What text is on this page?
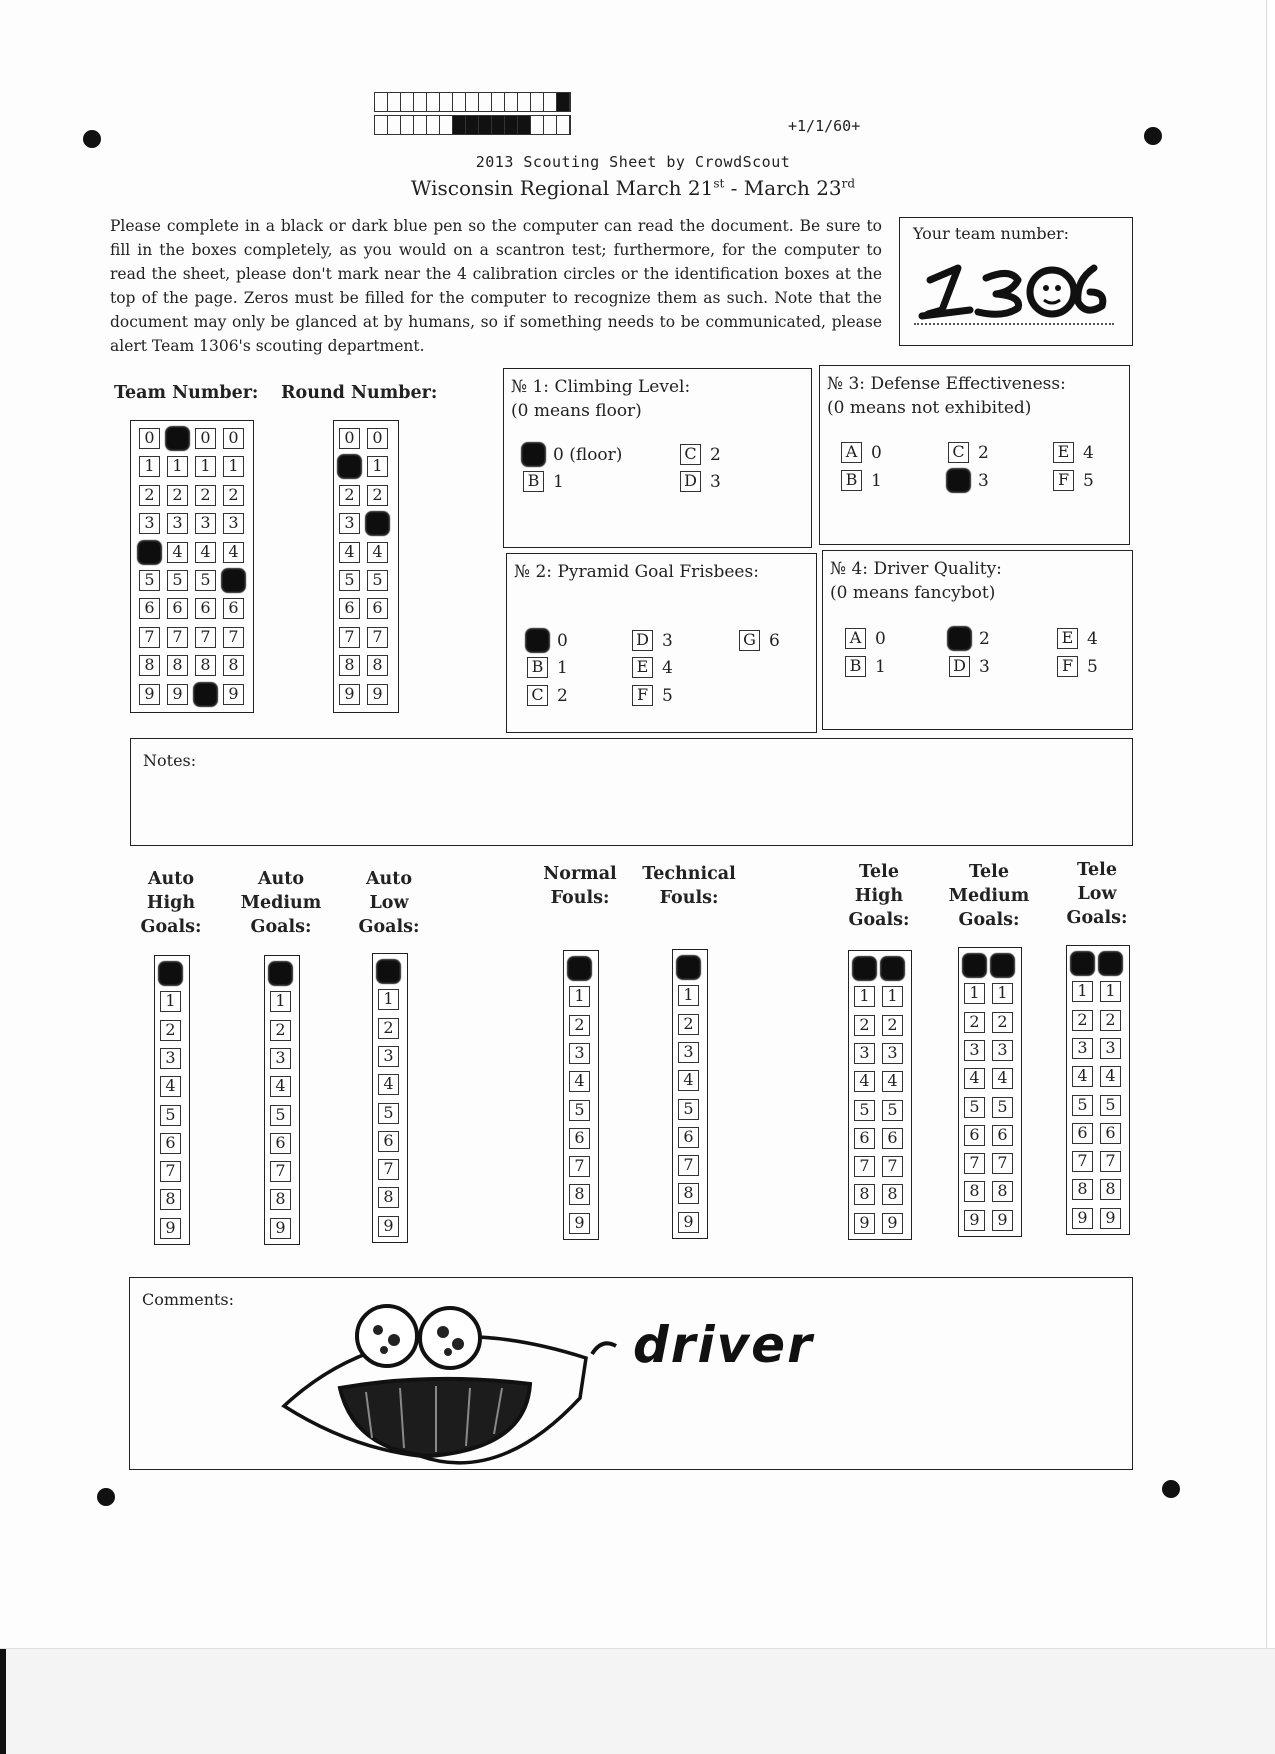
+1/1/60+
2013 Scouting Sheet by CrowdScout
Wisconsin Regional March 21st - March 23rd
Please complete in a black or dark blue pen so the computer can read the document. Be sure to fill in the boxes completely, as you would on a scantron test; furthermore, for the computer to read the sheet, please don't mark near the 4 calibration circles or the identification boxes at the top of the page. Zeros must be filled for the computer to recognize them as such. Note that the document may only be glanced at by humans, so if something needs to be communicated, please alert Team 1306's scouting department.
Your team number:
Team Number: Round Number:
0
1
2
3
4
5
6
7
8
9
0
1
2
3
4
5
6
7
8
9
0
1
2
3
4
5
6
7
8
9
0
1
2
3
4
5
6
7
8
9
0
1
2
3
4
5
6
7
8
9
0
1
2
3
4
5
6
7
8
9
№ 1: Climbing Level:
(0 means floor)
№ 3: Defense Effectiveness:
(0 means not exhibited)
№ 2: Pyramid Goal Frisbees:	№ 4: Driver Quality:
(0 means fancybot)
A 0 (floor)
B 1
C 2
D 3
A 0
B 1
C 2
D 3
E 4
F 5
G 6
A 0
B 1
C 2
D 3
E 4
F 5
A 0
B 1
C 2
D 3
E 4
F 5
Notes:
Auto
High
Goals:
0
1
2
3
4
5
6
7
8
9
Auto
Medium
Goals:
0
1
2
3
4
5
6
7
8
9
Auto
Low
Goals:
0
1
2
3
4
5
6
7
8
9
Normal
Fouls:
0
1
2
3
4
5
6
7
8
9
Technical
Fouls:
0
1
2
3
4
5
6
7
8
9
Tele
High
Goals:
0
1
2
3
4
5
6
7
8
9
0
1
2
3
4
5
6
7
8
9
Tele
Medium
Goals:
0
1
2
3
4
5
6
7
8
9
0
1
2
3
4
5
6
7
8
9
Tele
Low
Goals:
0
1
2
3
4
5
6
7
8
9
0
1
2
3
4
5
6
7
8
9
Comments:
driver
